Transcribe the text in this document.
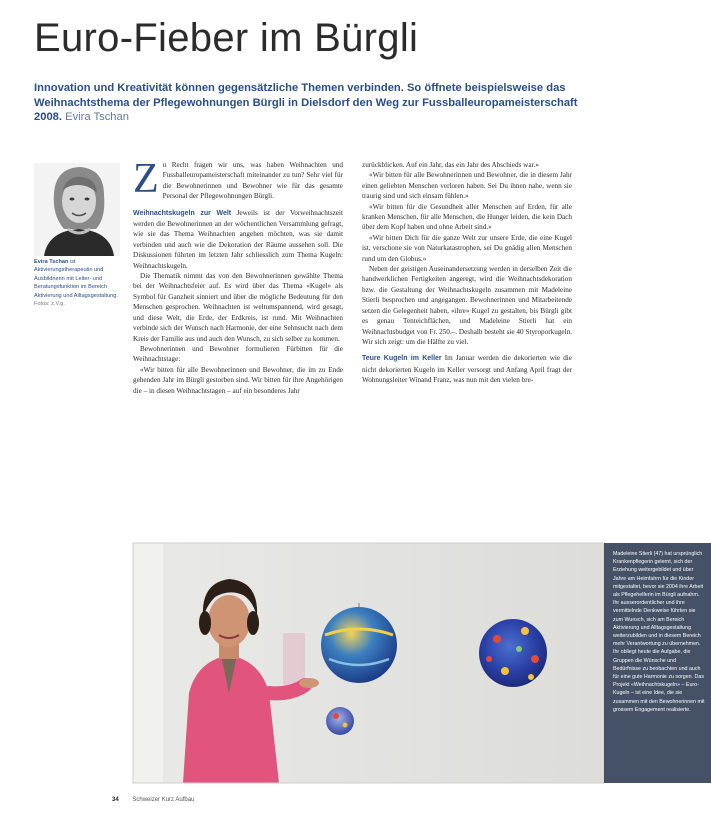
Euro-Fieber im Bürgli
Innovation und Kreativität können gegensätzliche Themen verbinden. So öffnete beispielsweise das Weihnachtsthema der Pflegewohnungen Bürgli in Dielsdorf den Weg zur Fussballeuropameisterschaft 2008. Evira Tschan
Evira Tschan ist Aktivierungstherapeutin und Ausbildnerin mit Leiter- und Beratungsfunktion im Bereich Aktivierung und Alltagsgestaltung.
Fotos: z.V.g.

Zu Recht fragen wir uns, was haben Weihnachten und Fussballeuropameisterschaft miteinander zu tun? Sehr viel für die Bewohnerinnen und Bewohner wie für das gesamte Personal der Pflegewohnungen Bürgli.

Weihnachtskugeln zur Welt Jeweils ist der Vorweihnachtszeit werden die Bewohnerinnen an der wöchentlichen Versammlung gefragt, wie sie das Thema Weihnachten angehen möchten, was sie damit verbinden und auch wie die Dekoration der Räume aussehen soll. Die Diskussionen führten im letzten Jahr schliesslich zum Thema Kugeln: Weihnachtskugeln.

Die Thematik nimmt das von den Bewohnerinnen gewählte Thema bei der Weihnachtsfeier auf. Es wird über das Thema «Kugel» als Symbol für Ganzheit sinniert und über die mögliche Bedeutung für den Menschen gesprochen. Weihnachten ist weltumspannend, wird gesagt, und diese Welt, die Erde, der Erdkreis, ist rund. Mit Weihnachten verbinde sich der Wunsch nach Harmonie, der eine Sehnsucht nach dem Kreis der Familie aus und auch den Wunsch, zu sich selber zu kommen.

Bewohnerinnen und Bewohner formulieren Fürbitten für die Weihnachtstage:

«Wir bitten für alle Bewohnerinnen und Bewohner, die im zu Ende gehenden Jahr im Bürgli gestorben sind. Wir bitten für ihre Angehörigen die – in diesen Weihnachtstagen – auf ein besonderes Jahr

zurückblicken. Auf ein Jahr, das ein Jahr des Abschieds war.»

«Wir bitten für alle Bewohnerinnen und Bewohner, die in diesem Jahr einen geliebten Menschen verloren haben. Sei Du ihnen nahe, wenn sie traurig sind und sich einsam fühlen.»

«Wir bitten für die Gesundheit aller Menschen auf Erden, für alle kranken Menschen, für alle Menschen, die Hunger leiden, die kein Dach über dem Kopf haben und ohne Arbeit sind.»

«Wir bitten Dich für die ganze Welt zur unsere Erde, die eine Kugel ist, verschone sie von Naturkatastrophen, sei Du gnädig allen Menschen rund um den Globus.»

Neben der geistigen Auseinandersetzung werden in derselben Zeit die handwerklichen Fertigkeiten angeregt, wird die Weihnachtsdekoration bzw. die Gestaltung der Weihnachtskugeln zusammen mit Madeleine Stierli besprochen und angegangen. Bewohnerinnen und Mitarbeitende setzen die Gelegenheit haben, «ihre» Kugel zu gestalten, bis Bürgli gibt es genau Tenteichflächen, und Madeleine Stierli hat ein Weihnachtsbudget von Fr. 250.–. Deshalb besteht sie 40 Styroporkugeln. Wir sich zeigt: um die Hälfte zu viel.

Teure Kugeln im Keller Im Januar werden die dekorierten wie die nicht dekorierten Kugeln im Keller versorgt und Anfang April fragt der Wohnungsleiter Winand Franz, was nun mit den vielen bre-

Madeleine Stierli (47) hat ursprünglich Krankenpflegerin gelernt, sich der Erziehung weitergebildet und über Jahre am Heimfahrn für die Kinder mitgestaltet, bevor sie 2004 ihre Arbeit als Pflegehelferin im Bürgli aufnahm. Ihr ausserordentlicher und ihre vermittelnde Denkweise führten sie zum Wunsch, sich am Bereich Aktivierung und Alltagsgestaltung weiterzubilden und in diesem Bereich mehr Verantwortung zu übernehmen. Ihr obliegt heute die Aufgabe, die Gruppen die Wünsche und Bedürfnisse zu beobachten und auch für eine gute Harmonie zu sorgen. Das Projekt «Weihnachtskugeln» – Euro-Kugeln – ist eine Idee, die sie zusammen mit den Bewohnerinnen mit grossem Engagement realisierte.
34 Schweizer Kurz Aufbau
